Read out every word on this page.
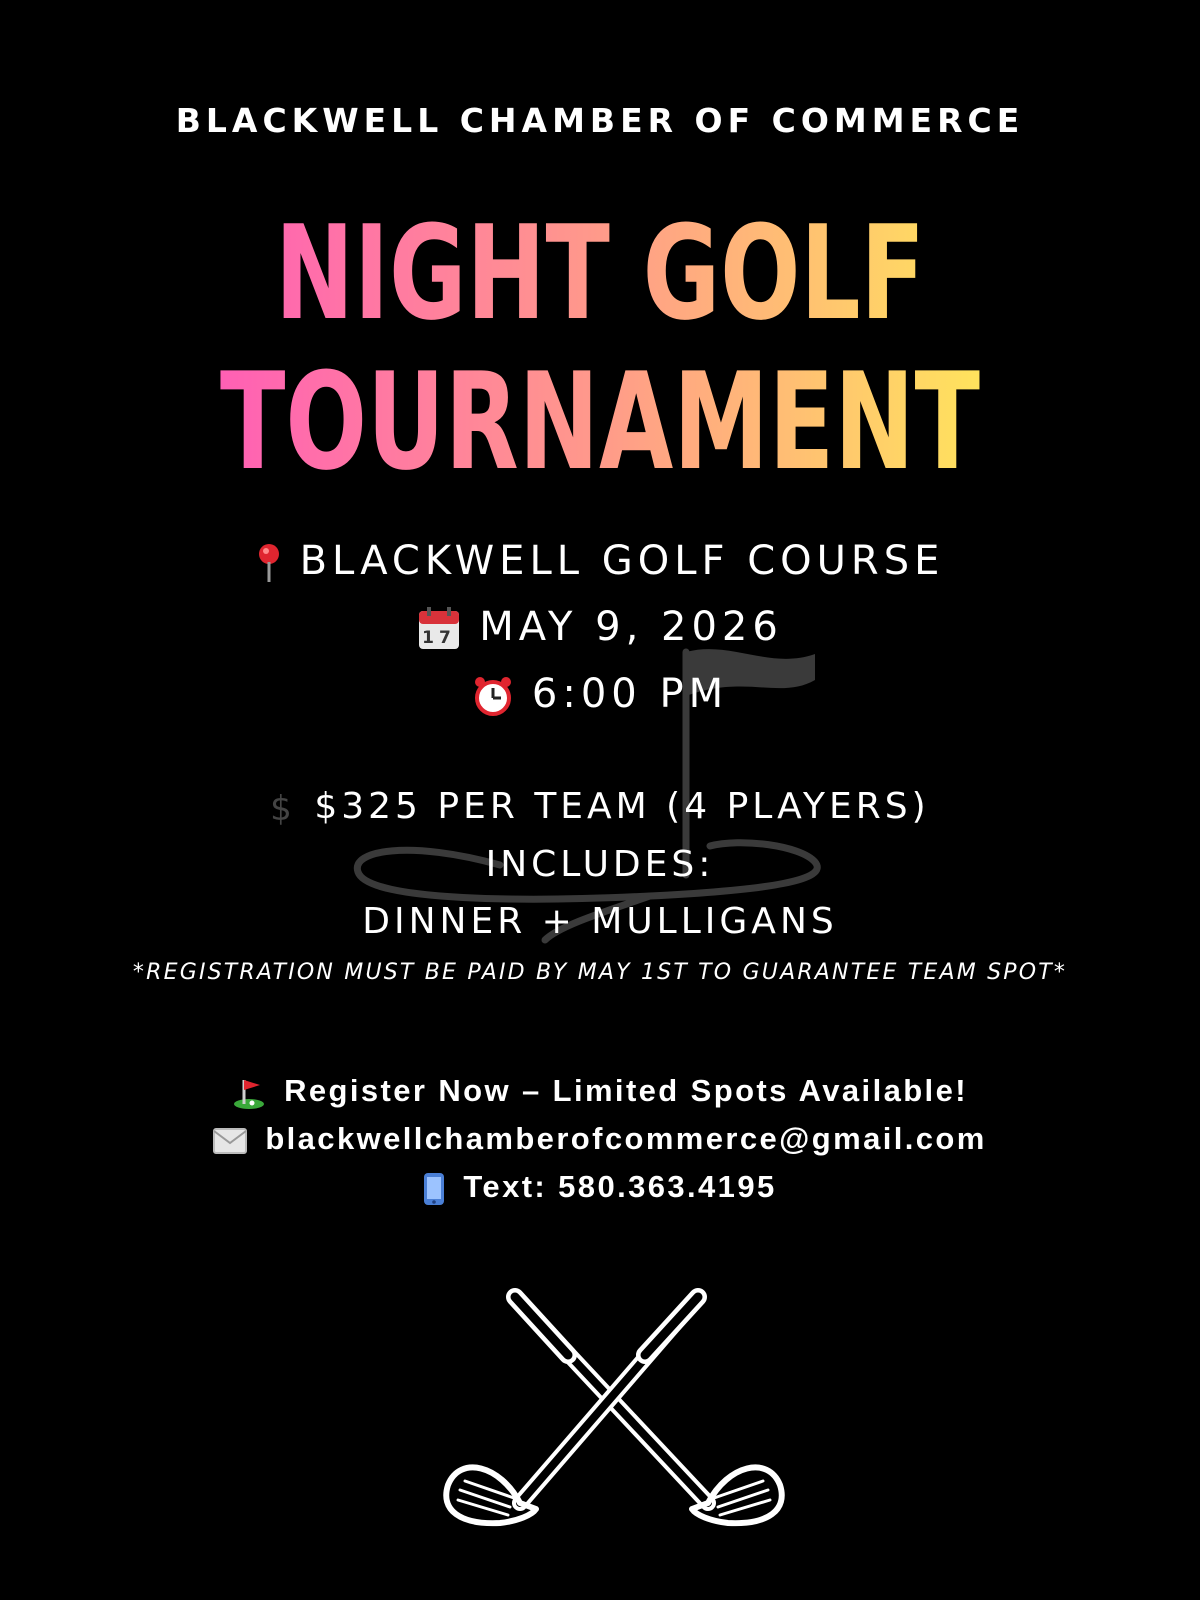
BLACKWELL CHAMBER OF COMMERCE
NIGHT GOLF
TOURNAMENT
BLACKWELL GOLF COURSE
17 MAY 9, 2026
6:00 PM
$ $325 PER TEAM (4 PLAYERS)
INCLUDES:
DINNER + MULLIGANS
*REGISTRATION MUST BE PAID BY MAY 1ST TO GUARANTEE TEAM SPOT*
Register Now – Limited Spots Available!
blackwellchamberofcommerce@gmail.com
Text: 580.363.4195
